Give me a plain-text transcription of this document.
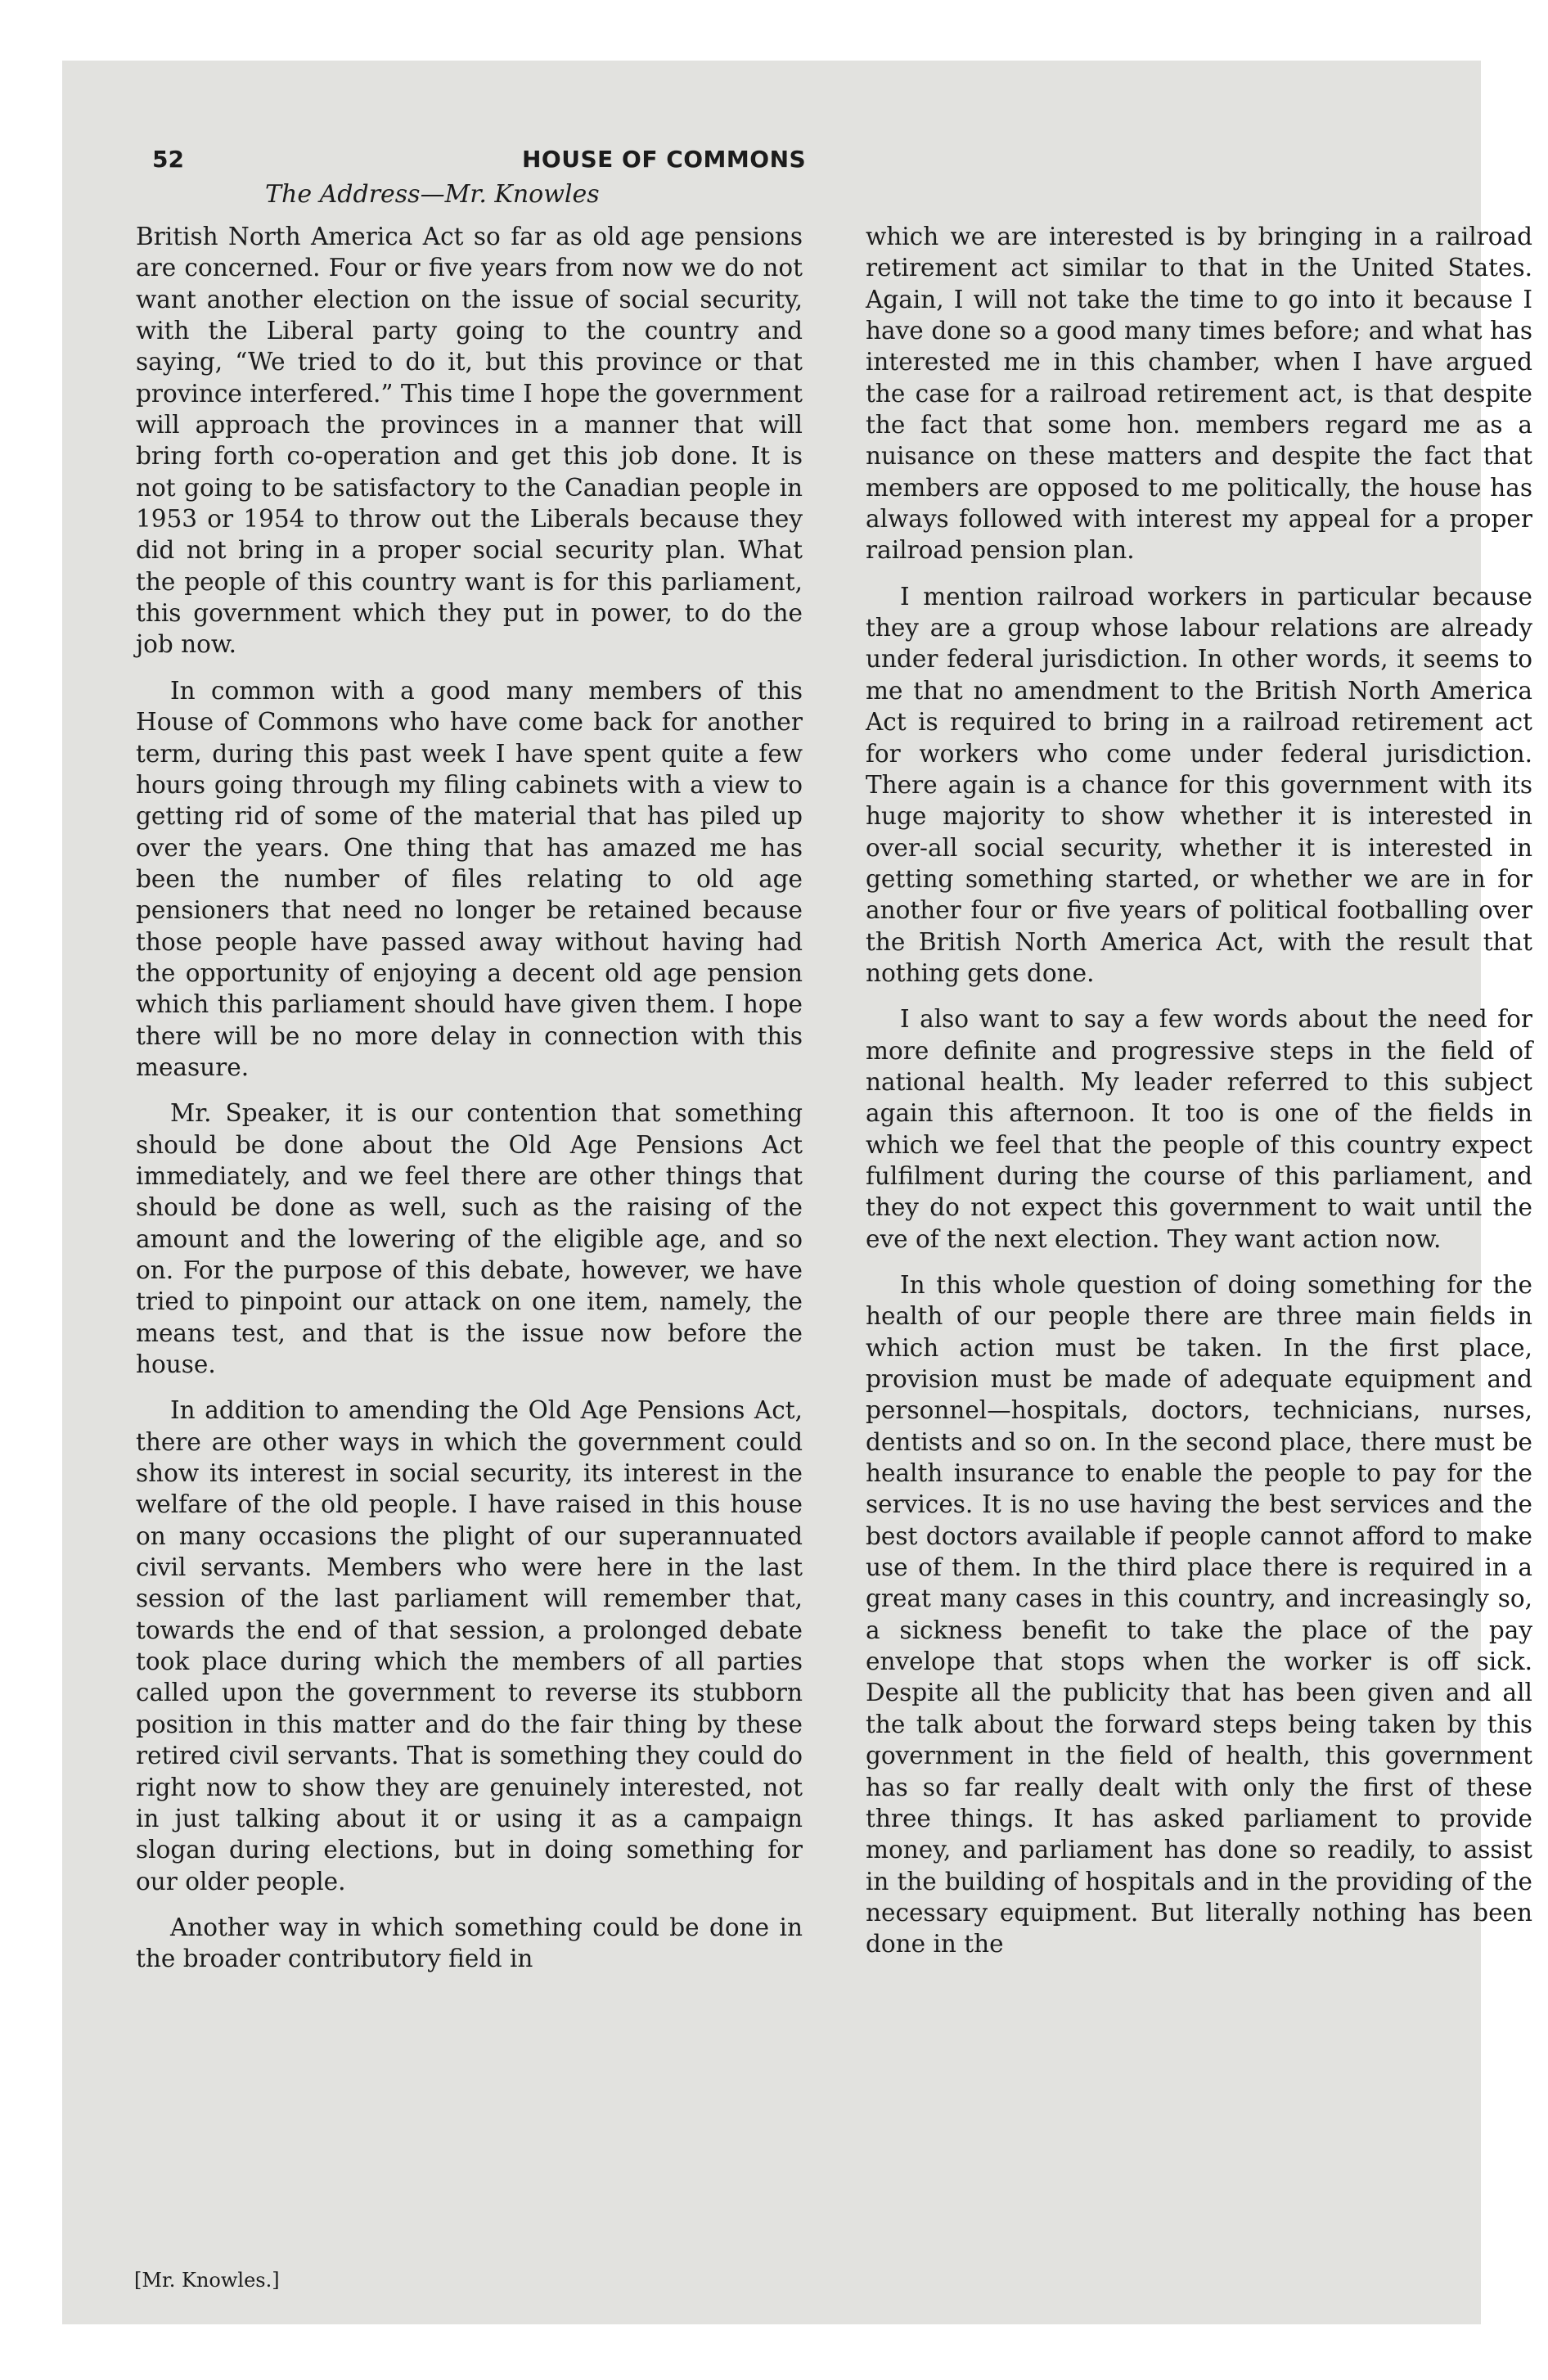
52	HOUSE OF COMMONS
The Address—Mr. Knowles

British North America Act so far as old age pensions are concerned. Four or five years from now we do not want another election on the issue of social security, with the Liberal party going to the country and saying, “We tried to do it, but this province or that province interfered.” This time I hope the government will approach the provinces in a manner that will bring forth co-operation and get this job done. It is not going to be satisfactory to the Canadian people in 1953 or 1954 to throw out the Liberals because they did not bring in a proper social security plan. What the people of this country want is for this parliament, this government which they put in power, to do the job now.

In common with a good many members of this House of Commons who have come back for another term, during this past week I have spent quite a few hours going through my filing cabinets with a view to getting rid of some of the material that has piled up over the years. One thing that has amazed me has been the number of files relating to old age pensioners that need no longer be retained because those people have passed away without having had the opportunity of enjoying a decent old age pension which this parliament should have given them. I hope there will be no more delay in connection with this measure.

Mr. Speaker, it is our contention that something should be done about the Old Age Pensions Act immediately, and we feel there are other things that should be done as well, such as the raising of the amount and the lowering of the eligible age, and so on. For the purpose of this debate, however, we have tried to pinpoint our attack on one item, namely, the means test, and that is the issue now before the house.

In addition to amending the Old Age Pensions Act, there are other ways in which the government could show its interest in social security, its interest in the welfare of the old people. I have raised in this house on many occasions the plight of our superannuated civil servants. Members who were here in the last session of the last parliament will remember that, towards the end of that session, a prolonged debate took place during which the members of all parties called upon the government to reverse its stubborn position in this matter and do the fair thing by these retired civil servants. That is something they could do right now to show they are genuinely interested, not in just talking about it or using it as a campaign slogan during elections, but in doing something for our older people.

Another way in which something could be done in the broader contributory field in

which we are interested is by bringing in a railroad retirement act similar to that in the United States. Again, I will not take the time to go into it because I have done so a good many times before; and what has interested me in this chamber, when I have argued the case for a railroad retirement act, is that despite the fact that some hon. members regard me as a nuisance on these matters and despite the fact that members are opposed to me politically, the house has always followed with interest my appeal for a proper railroad pension plan.

I mention railroad workers in particular because they are a group whose labour relations are already under federal jurisdiction. In other words, it seems to me that no amendment to the British North America Act is required to bring in a railroad retirement act for workers who come under federal jurisdiction. There again is a chance for this government with its huge majority to show whether it is interested in over-all social security, whether it is interested in getting something started, or whether we are in for another four or five years of political footballing over the British North America Act, with the result that nothing gets done.

I also want to say a few words about the need for more definite and progressive steps in the field of national health. My leader referred to this subject again this afternoon. It too is one of the fields in which we feel that the people of this country expect fulfilment during the course of this parliament, and they do not expect this government to wait until the eve of the next election. They want action now.

In this whole question of doing something for the health of our people there are three main fields in which action must be taken. In the first place, provision must be made of adequate equipment and personnel—hospitals, doctors, technicians, nurses, dentists and so on. In the second place, there must be health insurance to enable the people to pay for the services. It is no use having the best services and the best doctors available if people cannot afford to make use of them. In the third place there is required in a great many cases in this country, and increasingly so, a sickness benefit to take the place of the pay envelope that stops when the worker is off sick. Despite all the publicity that has been given and all the talk about the forward steps being taken by this government in the field of health, this government has so far really dealt with only the first of these three things. It has asked parliament to provide money, and parliament has done so readily, to assist in the building of hospitals and in the providing of the necessary equipment. But literally nothing has been done in the

[Mr. Knowles.]
